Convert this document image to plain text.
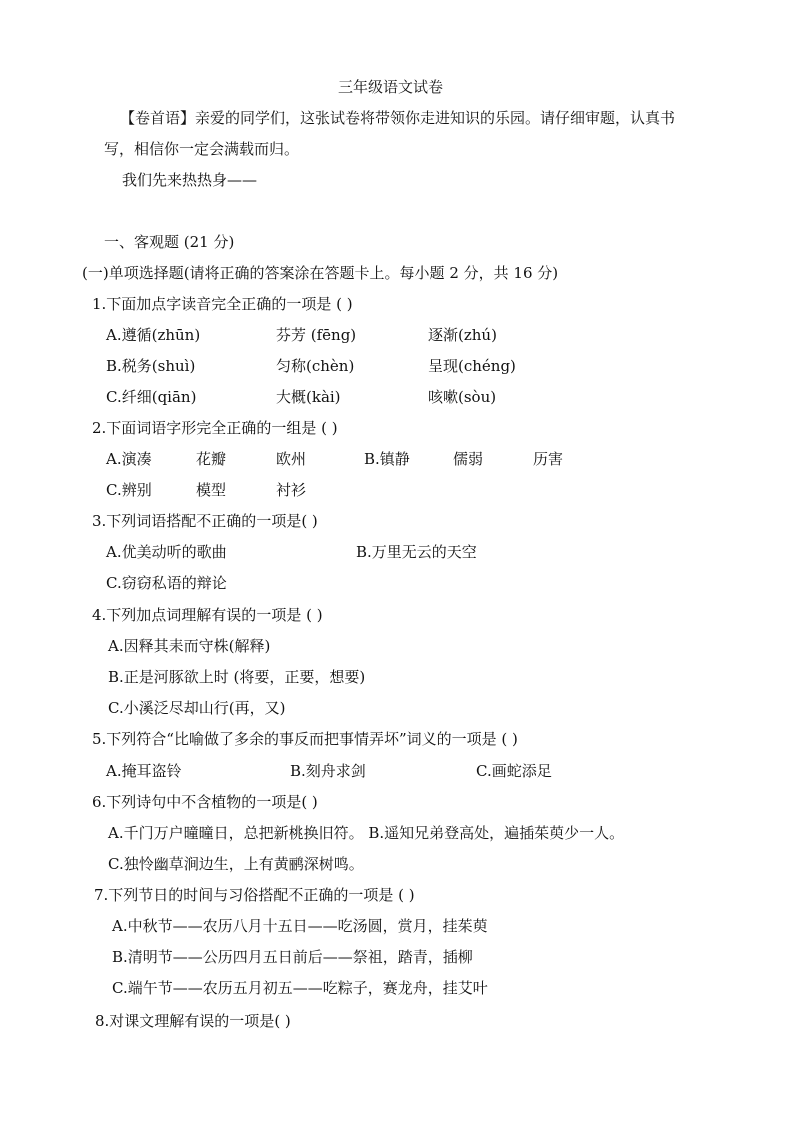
三年级语文试卷
【卷首语】亲爱的同学们，这张试卷将带领你走进知识的乐园。请仔细审题，认真书
写，相信你一定会满载而归。
我们先来热热身——
一、客观题 (21 分)
(一)单项选择题(请将正确的答案涂在答题卡上。每小题 2 分，共 16 分)
1.下面加点字读音完全正确的一项是 ( )
A.遵循(zhūn)	芬芳 (fēng)	逐渐(zhú)
B.税务(shuì)	匀称(chèn)	呈现(chéng)
C.纤细(qiān)	大概(kài)	咳嗽(sòu)
2.下面词语字形完全正确的一组是 ( )
A.演凑	花瓣	欧州	B.镇静	儒弱	历害
C.辨别	模型	衬衫
3.下列词语搭配不正确的一项是( )
A.优美动听的歌曲	B.万里无云的天空
C.窃窃私语的辩论
4.下列加点词理解有误的一项是 ( )
A.因释其耒而守株(解释)
B.正是河豚欲上时 (将要，正要，想要)
C.小溪泛尽却山行(再，又)
5.下列符合“比喻做了多余的事反而把事情弄坏”词义的一项是 ( )
A.掩耳盗铃	B.刻舟求剑	C.画蛇添足
6.下列诗句中不含植物的一项是( )
A.千门万户曈曈日，总把新桃换旧符。 B.遥知兄弟登高处，遍插茱萸少一人。
C.独怜幽草涧边生，上有黄鹂深树鸣。
7.下列节日的时间与习俗搭配不正确的一项是 ( )
A.中秋节——农历八月十五日——吃汤圆，赏月，挂茱萸
B.清明节——公历四月五日前后——祭祖，踏青，插柳
C.端午节——农历五月初五——吃粽子，赛龙舟，挂艾叶
8.对课文理解有误的一项是( )
